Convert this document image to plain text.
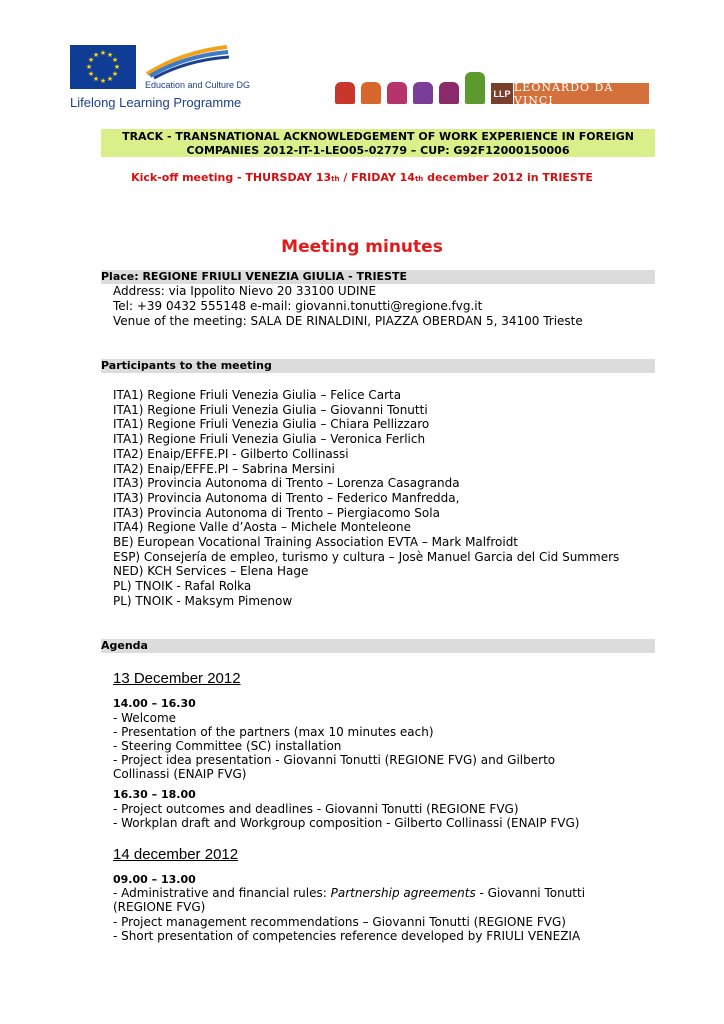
★ ★
★
★
★
★
★
★
★
★
★
★
Education and Culture DG
Lifelong Learning Programme
LLP LEONARDO DA VINCI
TRACK - TRANSNATIONAL ACKNOWLEDGEMENT OF WORK EXPERIENCE IN FOREIGN
COMPANIES 2012-IT-1-LEO05-02779 – CUP: G92F12000150006
Kick-off meeting - THURSDAY 13th / FRIDAY 14th december 2012 in TRIESTE
Meeting minutes
Place: REGIONE FRIULI VENEZIA GIULIA - TRIESTE
Address: via Ippolito Nievo 20 33100 UDINE
Tel: +39 0432 555148 e-mail: giovanni.tonutti@regione.fvg.it
Venue of the meeting: SALA DE RINALDINI, PIAZZA OBERDAN 5, 34100 Trieste
Participants to the meeting
ITA1) Regione Friuli Venezia Giulia – Felice Carta
ITA1) Regione Friuli Venezia Giulia – Giovanni Tonutti
ITA1) Regione Friuli Venezia Giulia – Chiara Pellizzaro
ITA1) Regione Friuli Venezia Giulia – Veronica Ferlich
ITA2) Enaip/EFFE.PI - Gilberto Collinassi
ITA2) Enaip/EFFE.PI – Sabrina Mersini
ITA3) Provincia Autonoma di Trento – Lorenza Casagranda
ITA3) Provincia Autonoma di Trento – Federico Manfredda,
ITA3) Provincia Autonoma di Trento – Piergiacomo Sola
ITA4) Regione Valle d’Aosta – Michele Monteleone
BE) European Vocational Training Association EVTA – Mark Malfroidt
ESP) Consejería de empleo, turismo y cultura – Josè Manuel Garcia del Cid Summers
NED) KCH Services – Elena Hage
PL) TNOIK - Rafal Rolka
PL) TNOIK - Maksym Pimenow
Agenda
13 December 2012
14.00 – 16.30
- Welcome
- Presentation of the partners (max 10 minutes each)
- Steering Committee (SC) installation
- Project idea presentation - Giovanni Tonutti (REGIONE FVG) and Gilberto
Collinassi (ENAIP FVG)
16.30 – 18.00
- Project outcomes and deadlines - Giovanni Tonutti (REGIONE FVG)
- Workplan draft and Workgroup composition - Gilberto Collinassi (ENAIP FVG)
14 december 2012
09.00 – 13.00
- Administrative and financial rules: Partnership agreements - Giovanni Tonutti
(REGIONE FVG)
- Project management recommendations – Giovanni Tonutti (REGIONE FVG)
- Short presentation of competencies reference developed by FRIULI VENEZIA
